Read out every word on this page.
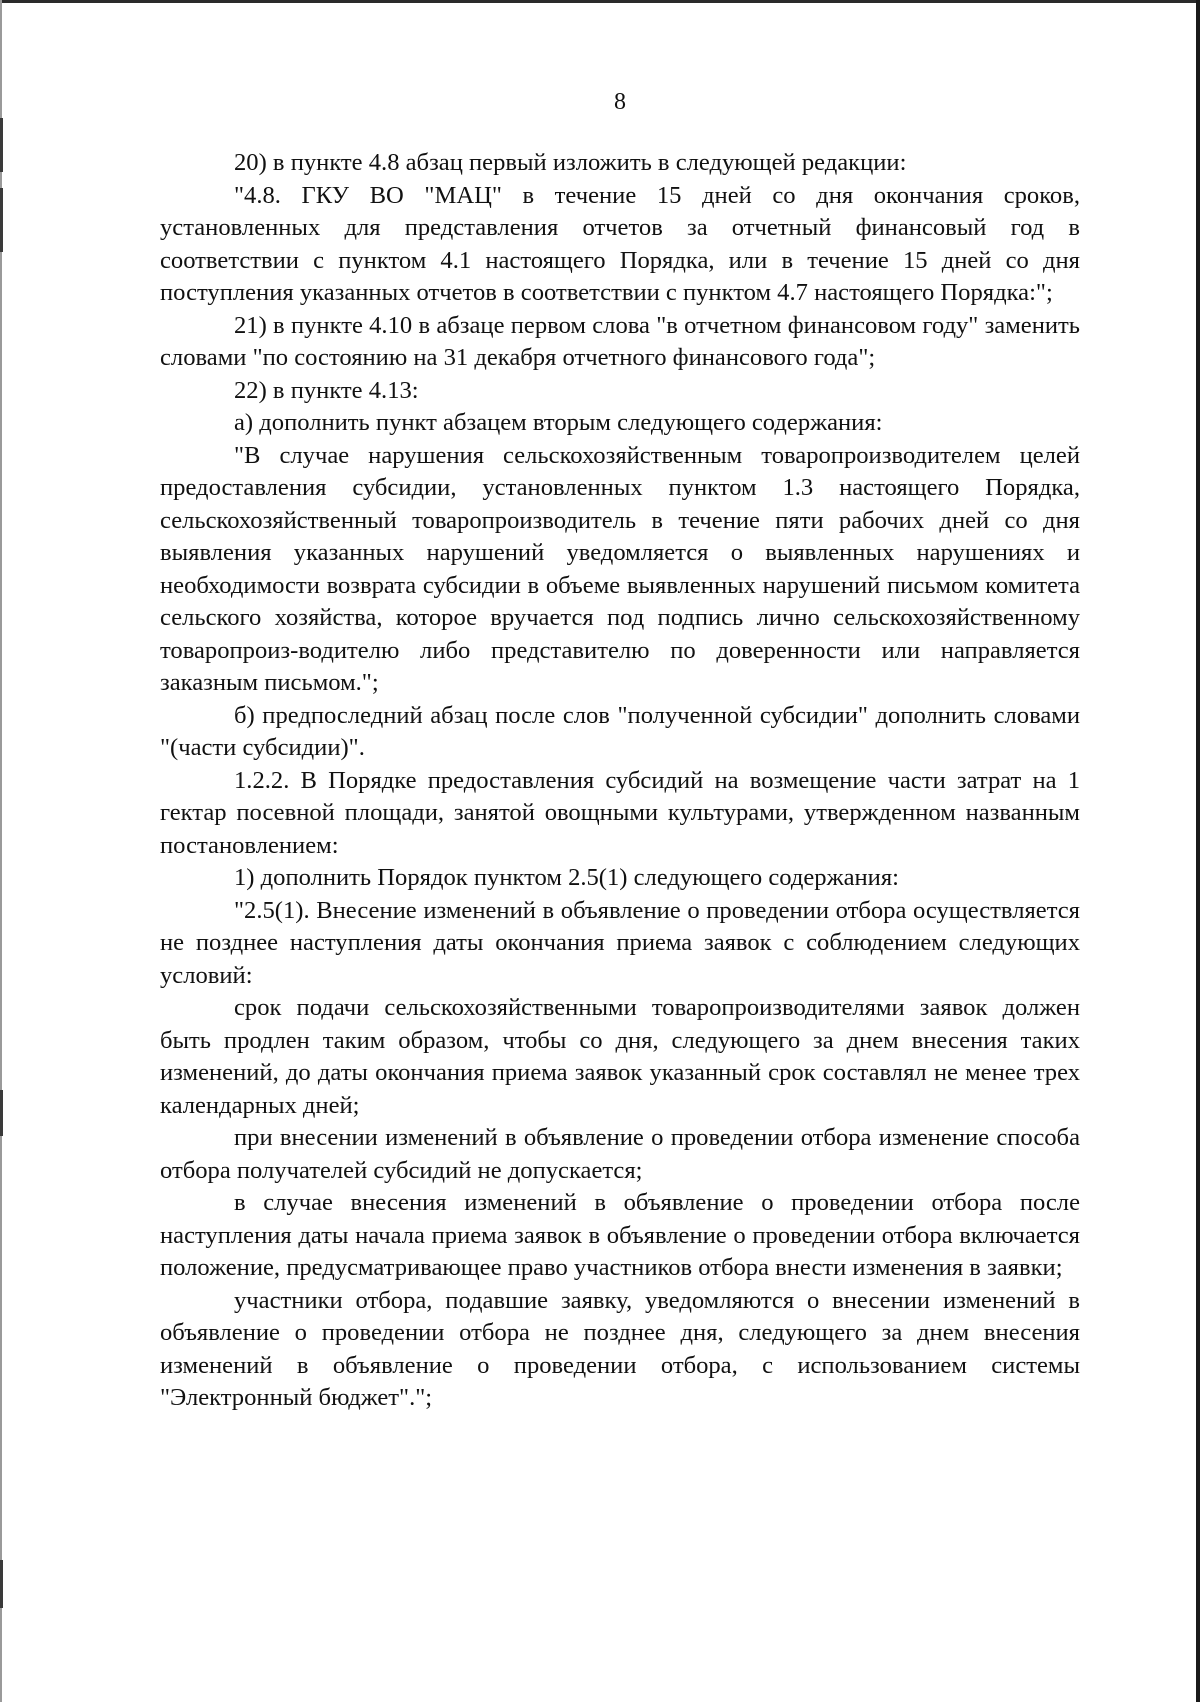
8

20) в пункте 4.8 абзац первый изложить в следующей редакции:

"4.8. ГКУ ВО "МАЦ" в течение 15 дней со дня окончания сроков, установленных для представления отчетов за отчетный финансовый год в соответствии с пунктом 4.1 настоящего Порядка, или в течение 15 дней со дня поступления указанных отчетов в соответствии с пунктом 4.7 настоящего Порядка:";

21) в пункте 4.10 в абзаце первом слова "в отчетном финансовом году" заменить словами "по состоянию на 31 декабря отчетного финансового года";

22) в пункте 4.13:

а) дополнить пункт абзацем вторым следующего содержания:

"В случае нарушения сельскохозяйственным товаропроизводителем целей предоставления субсидии, установленных пунктом 1.3 настоящего Порядка, сельскохозяйственный товаропроизводитель в течение пяти рабочих дней со дня выявления указанных нарушений уведомляется о выявленных нарушениях и необходимости возврата субсидии в объеме выявленных нарушений письмом комитета сельского хозяйства, которое вручается под подпись лично сельскохозяйственному товаропроиз-водителю либо представителю по доверенности или направляется заказным письмом.";

б) предпоследний абзац после слов "полученной субсидии" дополнить словами "(части субсидии)".

1.2.2. В Порядке предоставления субсидий на возмещение части затрат на 1 гектар посевной площади, занятой овощными культурами, утвержденном названным постановлением:

1) дополнить Порядок пунктом 2.5(1) следующего содержания:

"2.5(1). Внесение изменений в объявление о проведении отбора осуществляется не позднее наступления даты окончания приема заявок с соблюдением следующих условий:

срок подачи сельскохозяйственными товаропроизводителями заявок должен быть продлен таким образом, чтобы со дня, следующего за днем внесения таких изменений, до даты окончания приема заявок указанный срок составлял не менее трех календарных дней;

при внесении изменений в объявление о проведении отбора изменение способа отбора получателей субсидий не допускается;

в случае внесения изменений в объявление о проведении отбора после наступления даты начала приема заявок в объявление о проведении отбора включается положение, предусматривающее право участников отбора внести изменения в заявки;

участники отбора, подавшие заявку, уведомляются о внесении изменений в объявление о проведении отбора не позднее дня, следующего за днем внесения изменений в объявление о проведении отбора, с использованием системы "Электронный бюджет".";
